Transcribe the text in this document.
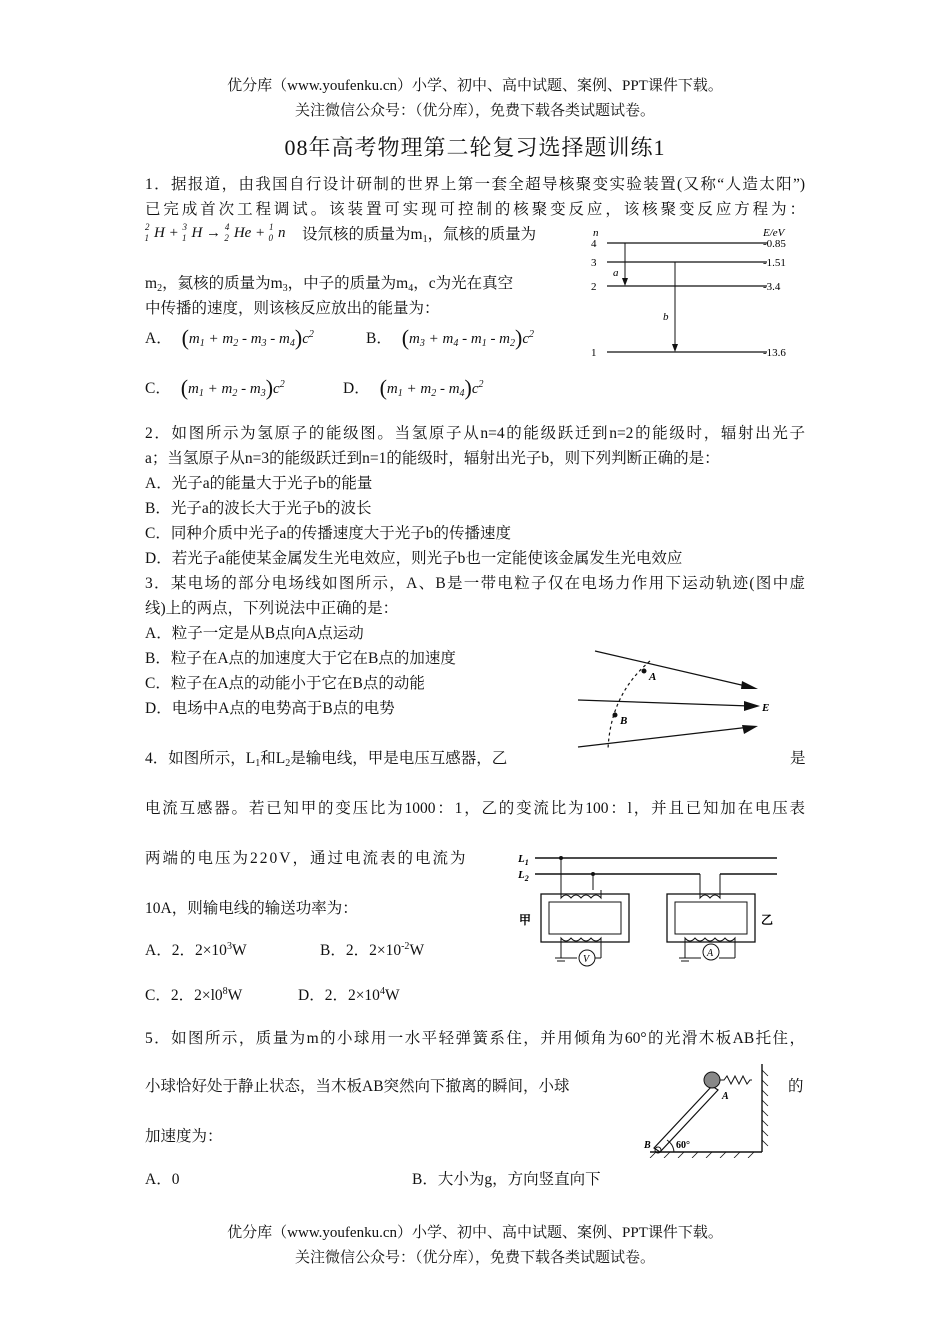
优分库（www.youfenku.cn）小学、初中、高中试题、案例、PPT课件下载。
关注微信公众号：（优分库），免费下载各类试题试卷。
08年高考物理第二轮复习选择题训练1
1．据报道，由我国自行设计研制的世界上第一套全超导核聚变实验装置(又称“人造太阳”)
已完成首次工程调试。该装置可实现可控制的核聚变反应，该核聚变反应方程为：
$^2_1$ H + $^3_1$ H → $^4_2$ He + $^1_0$ n 设氘核的质量为$m_1$，氚核的质量为
$m_2$，氦核的质量为$m_3$，中子的质量为$m_4$，c为光在真空
中传播的速度，则该核反应放出的能量为：
A． $(m_1 + m_2 - m_3 - m_4)c^2$	B． $(m_3 + m_4 - m_1 - m_2)c^2$
C． $(m_1 + m_2 - m_3)c^2$	D． $(m_1 + m_2 - m_4)c^2$
n	E/eV
4
3
2
1
-0.85
-1.51
-3.4
-13.6
a
b
2．如图所示为氢原子的能级图。当氢原子从n=4的能级跃迁到n=2的能级时，辐射出光子
a；当氢原子从n=3的能级跃迁到n=1的能级时，辐射出光子b，则下列判断正确的是：
A．光子a的能量大于光子b的能量
B．光子a的波长大于光子b的波长
C．同种介质中光子a的传播速度大于光子b的传播速度
D．若光子a能使某金属发生光电效应，则光子b也一定能使该金属发生光电效应
3．某电场的部分电场线如图所示，A、B是一带电粒子仅在电场力作用下运动轨迹(图中虚
线)上的两点，下列说法中正确的是：
A．粒子一定是从B点向A点运动
B．粒子在A点的加速度大于它在B点的加速度
C．粒子在A点的动能小于它在B点的动能
D．电场中A点的电势高于B点的电势
A
B
E
4．如图所示，$L_1$和$L_2$是输电线，甲是电压互感器，乙	是
电流互感器。若已知甲的变压比为1000：1，乙的变流比为100：l，并且已知加在电压表
两端的电压为220V，通过电流表的电流为
10A，则输电线的输送功率为：
A．2．$2\times 10^3W$	B．2．$2\times 10^{-2}W$
C．2．$2\times l0^8W$	D．2．$2\times 10^4W$
$L_1$
$L_2$
V
甲
A
乙
5．如图所示，质量为m的小球用一水平轻弹簧系住，并用倾角为60°的光滑木板AB托住，
小球恰好处于静止状态，当木板AB突然向下撤离的瞬间，小球	的
加速度为：
A．0	B．大小为g，方向竖直向下
A
B	60°
优分库（www.youfenku.cn）小学、初中、高中试题、案例、PPT课件下载。
关注微信公众号：（优分库），免费下载各类试题试卷。
